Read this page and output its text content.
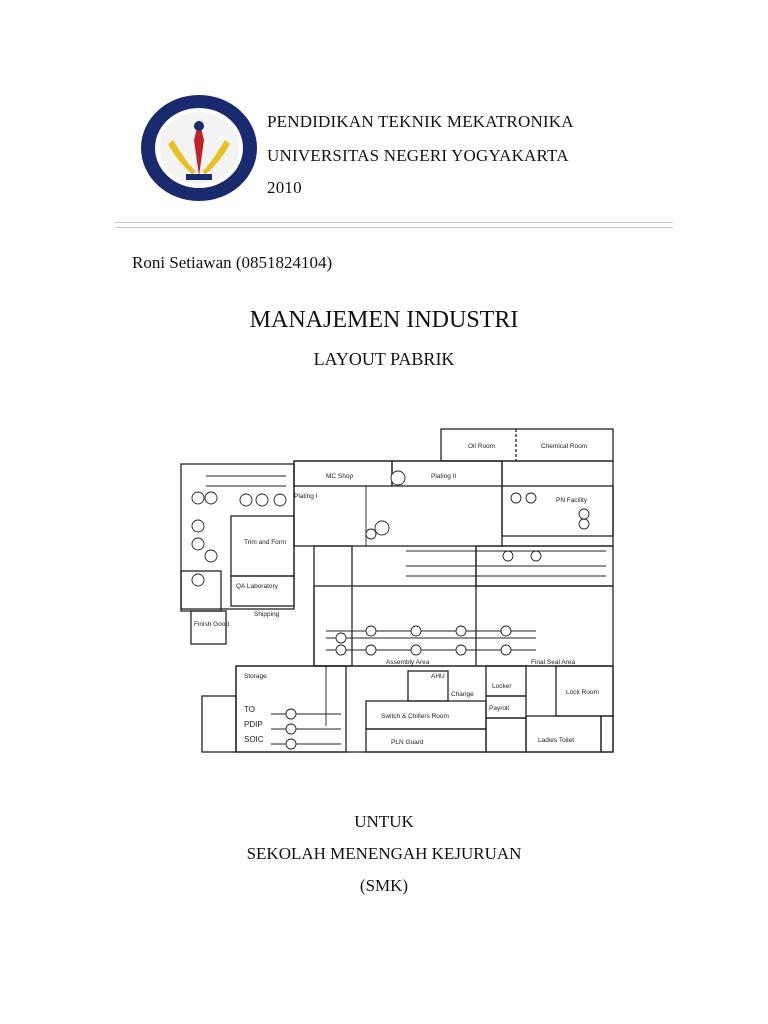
PENDIDIKAN TEKNIK MEKATRONIKA
UNIVERSITAS NEGERI YOGYAKARTA
2010
Roni Setiawan (0851824104)
MANAJEMEN INDUSTRI
LAYOUT PABRIK
Oil Room	Chemical Room
MC Shop	Plating II
Plating I
PN Facility
Trim and Form
QA Laboratory
Shipping
Finish Good
Assembly Area	Final Seal Area
Storage
TO
PDIP
SOIC
Switch & Chillers Room
PLN Guard
Locker
Payroll
Lock Room
Ladies Toilet
Change
AHU
UNTUK
SEKOLAH MENENGAH KEJURUAN
(SMK)
